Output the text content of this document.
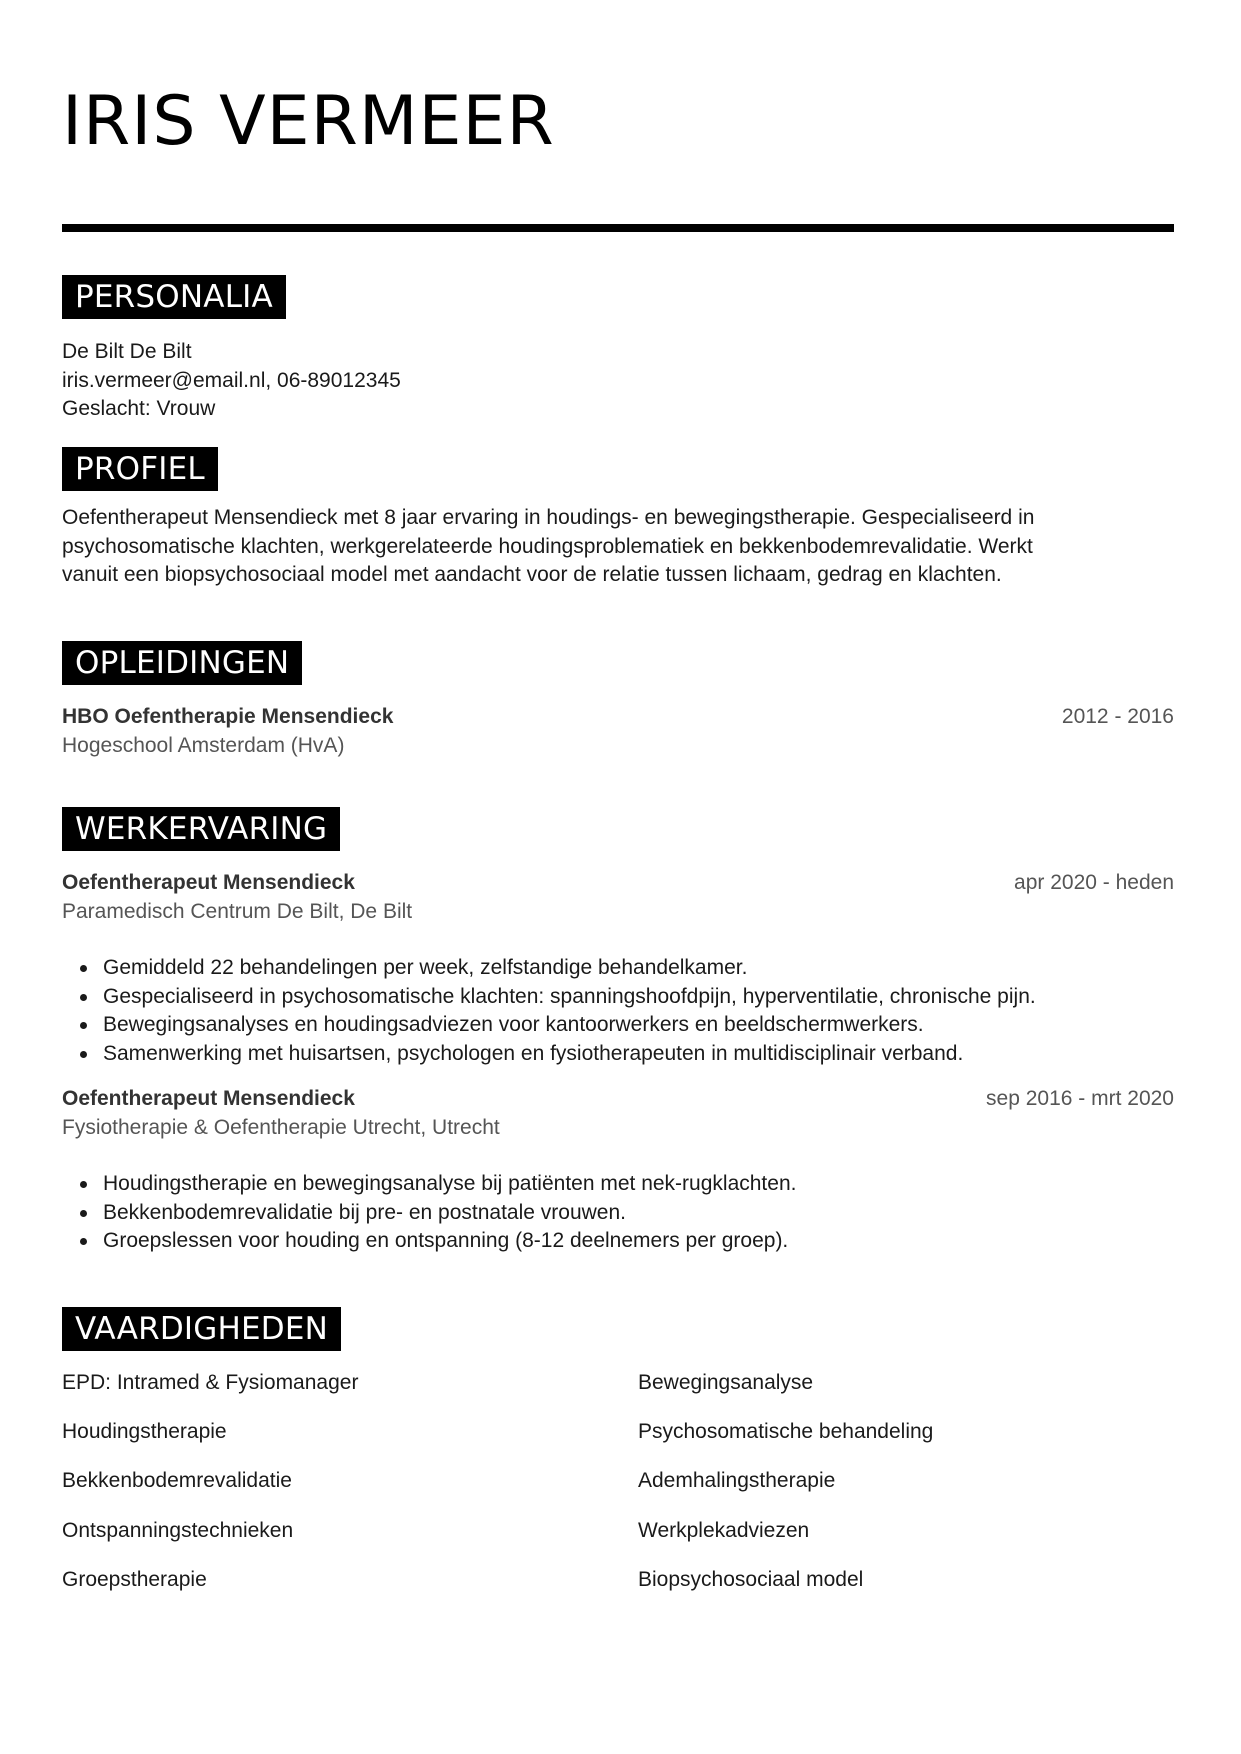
IRIS VERMEER
PERSONALIA
De Bilt De Bilt
iris.vermeer@email.nl, 06-89012345
Geslacht: Vrouw
PROFIEL
Oefentherapeut Mensendieck met 8 jaar ervaring in houdings- en bewegingstherapie. Gespecialiseerd in
psychosomatische klachten, werkgerelateerde houdingsproblematiek en bekkenbodemrevalidatie. Werkt
vanuit een biopsychosociaal model met aandacht voor de relatie tussen lichaam, gedrag en klachten.
OPLEIDINGEN
HBO Oefentherapie Mensendieck
Hogeschool Amsterdam (HvA)
2012 - 2016
WERKERVARING
Oefentherapeut Mensendieck
Paramedisch Centrum De Bilt, De Bilt
apr 2020 - heden
Gemiddeld 22 behandelingen per week, zelfstandige behandelkamer.
Gespecialiseerd in psychosomatische klachten: spanningshoofdpijn, hyperventilatie, chronische pijn.
Bewegingsanalyses en houdingsadviezen voor kantoorwerkers en beeldschermwerkers.
Samenwerking met huisartsen, psychologen en fysiotherapeuten in multidisciplinair verband.
Oefentherapeut Mensendieck
Fysiotherapie & Oefentherapie Utrecht, Utrecht
sep 2016 - mrt 2020
Houdingstherapie en bewegingsanalyse bij patiënten met nek-rugklachten.
Bekkenbodemrevalidatie bij pre- en postnatale vrouwen.
Groepslessen voor houding en ontspanning (8-12 deelnemers per groep).
VAARDIGHEDEN
EPD: Intramed & Fysiomanager
Houdingstherapie
Bekkenbodemrevalidatie
Ontspanningstechnieken
Groepstherapie
Bewegingsanalyse
Psychosomatische behandeling
Ademhalingstherapie
Werkplekadviezen
Biopsychosociaal model
